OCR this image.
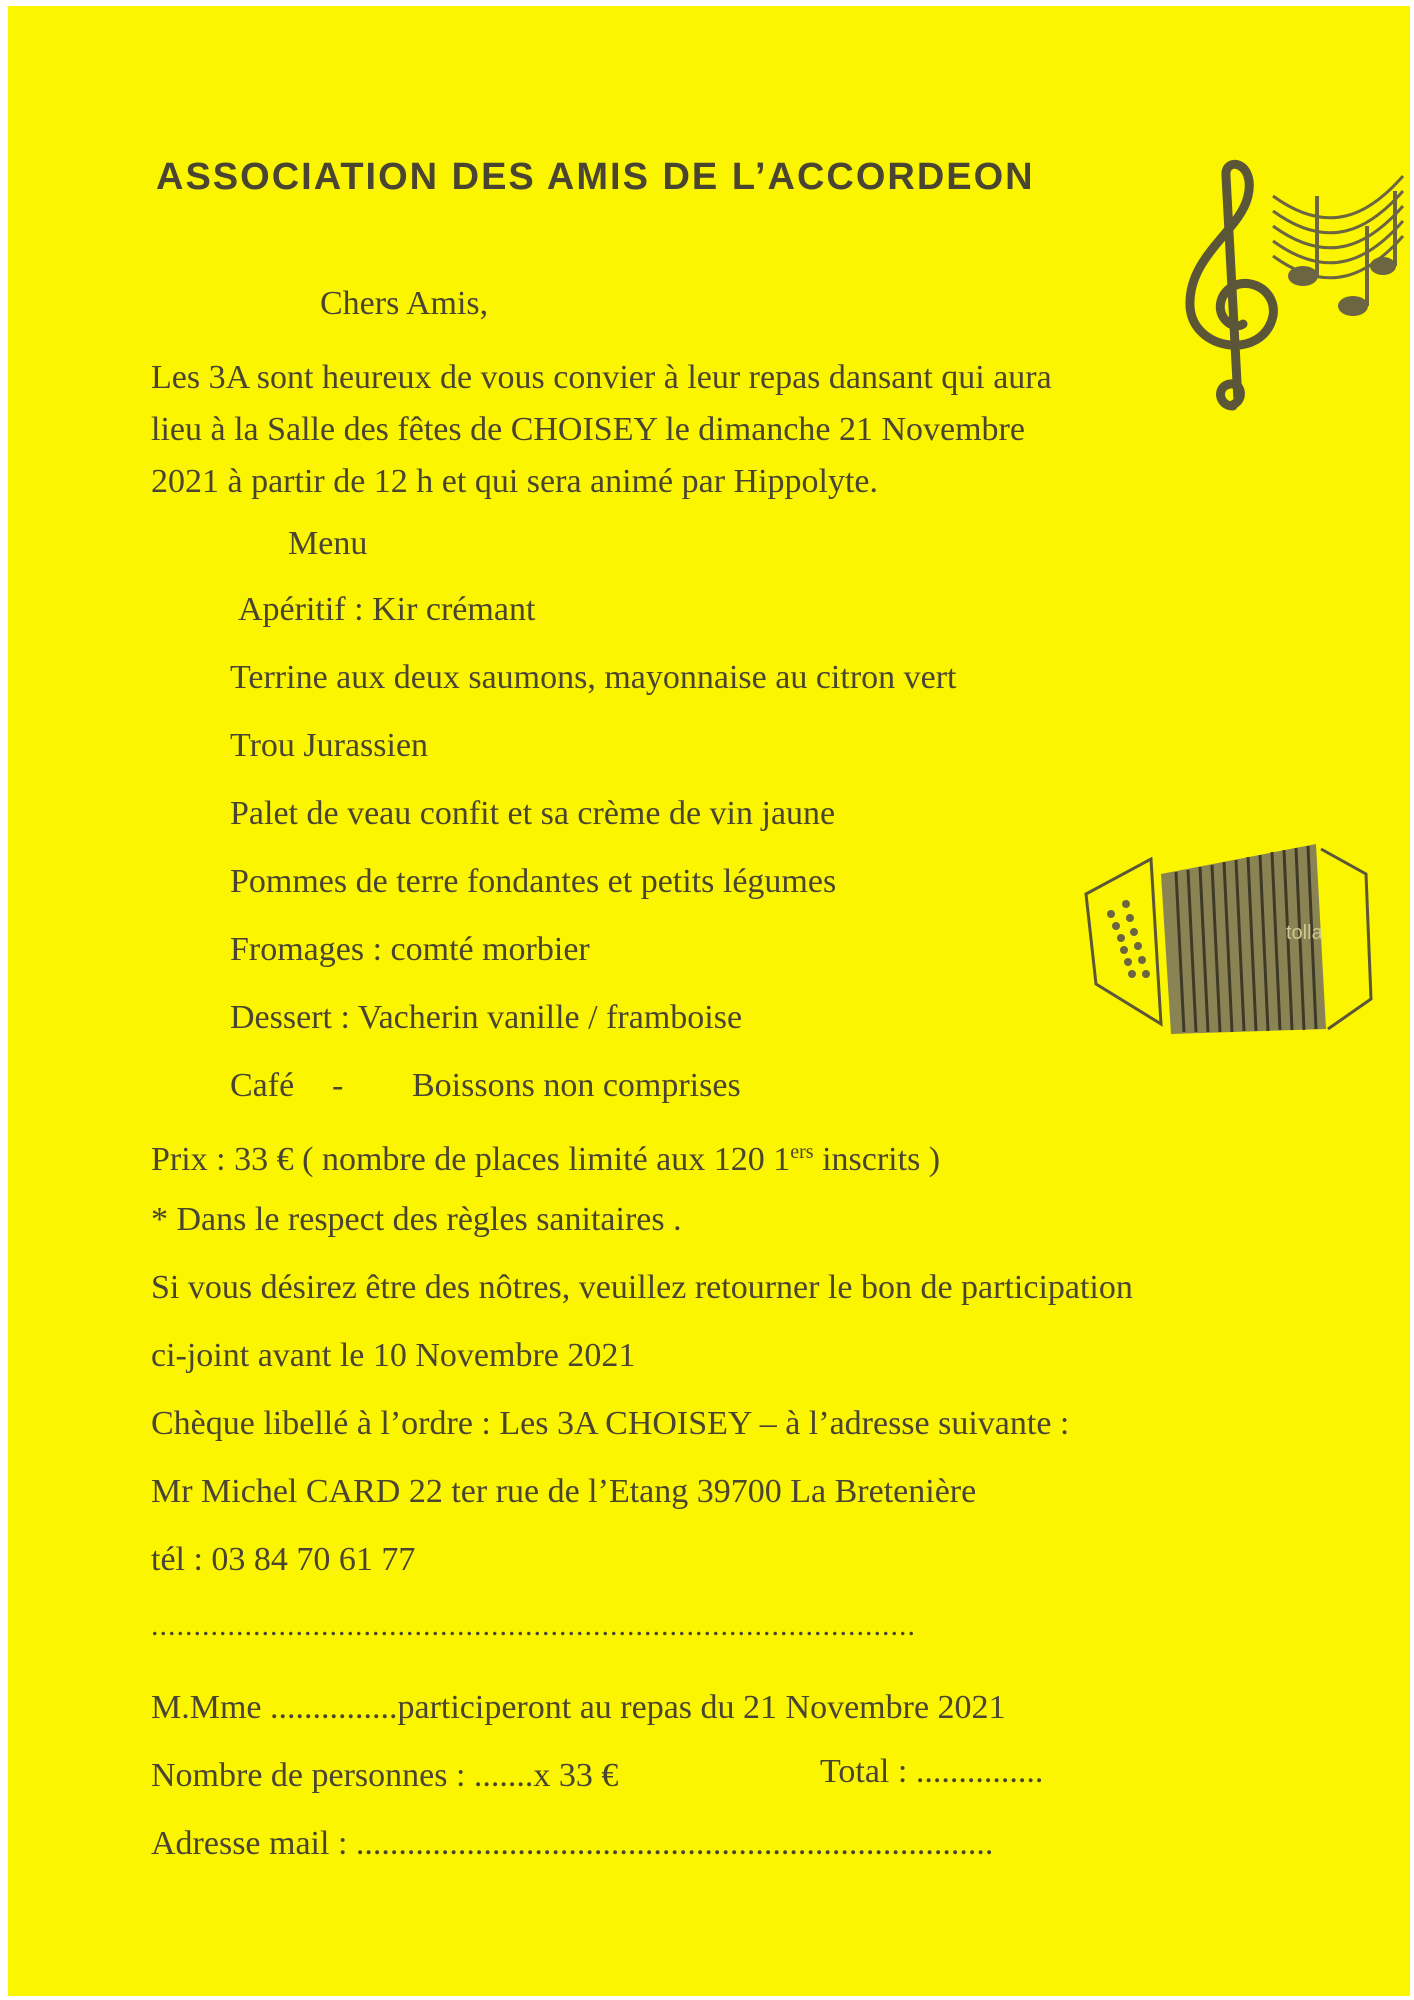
ASSOCIATION DES AMIS DE L’ACCORDEON
Chers Amis,
Les 3A sont heureux de vous convier à leur repas dansant qui aura
lieu à la Salle des fêtes de CHOISEY le dimanche 21 Novembre
2021 à partir de 12 h et qui sera animé par Hippolyte.
Menu
Apéritif : Kir crémant
Terrine aux deux saumons, mayonnaise au citron vert
Trou Jurassien
Palet de veau confit et sa crème de vin jaune
Pommes de terre fondantes et petits légumes
Fromages : comté morbier
Dessert : Vacherin vanille / framboise
Café - Boissons non comprises
tolla
Prix : 33 € ( nombre de places limité aux 120 1ers inscrits )
* Dans le respect des règles sanitaires .
Si vous désirez être des nôtres, veuillez retourner le bon de participation
ci-joint avant le 10 Novembre 2021
Chèque libellé à l’ordre : Les 3A CHOISEY – à l’adresse suivante :
Mr Michel CARD 22 ter rue de l’Etang 39700 La Bretenière
tél : 03 84 70 61 77
..........................................................................................
M.Mme ...............participeront au repas du 21 Novembre 2021
Nombre de personnes : .......x 33 €	Total : ...............
Adresse mail : ...........................................................................
